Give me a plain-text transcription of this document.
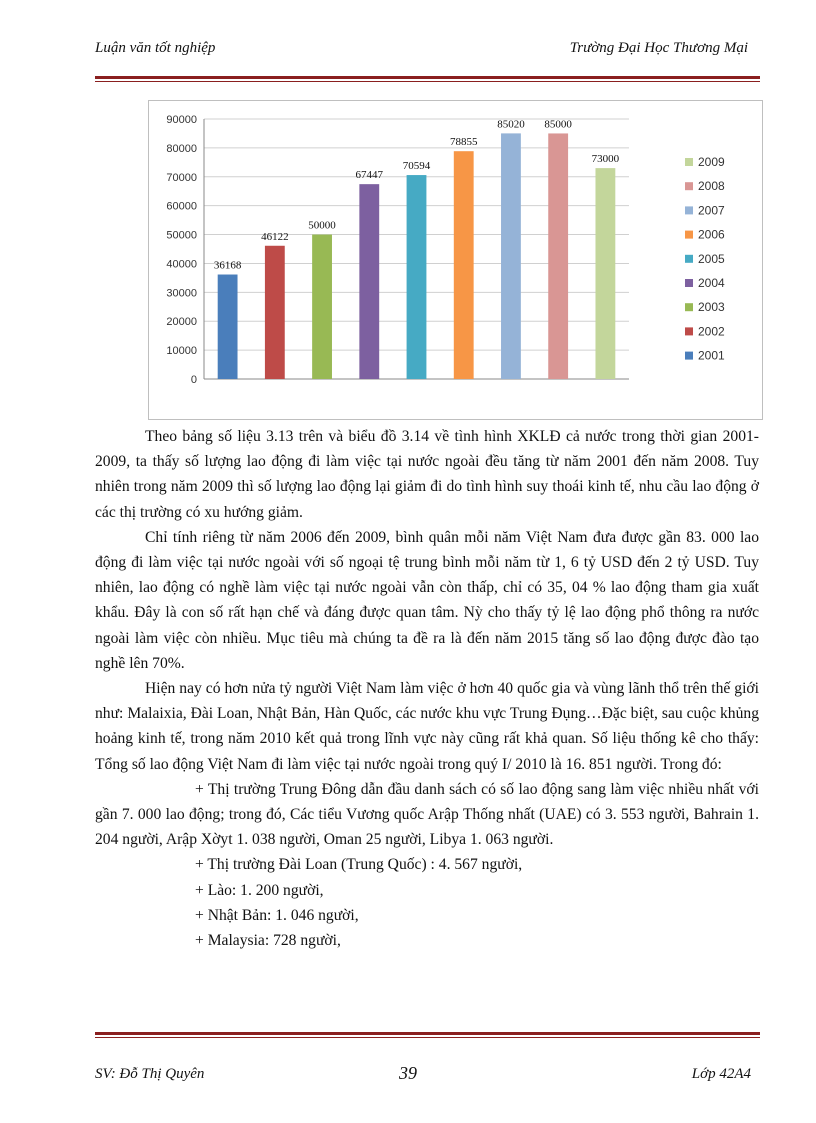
Luận văn tốt nghiệp	Trường Đại Học Thương Mại
0
10000
20000
30000
40000
50000
60000
70000
80000
90000
36168
46122
50000
67447
70594
78855
85020 85000
73000	2009
2008
2007
2006
2005
2004
2003
2002
2001

Theo bảng số liệu 3.13 trên và biểu đồ 3.14 về tình hình XKLĐ cả nước trong thời gian 2001-2009, ta thấy số lượng lao động đi làm việc tại nước ngoài đều tăng từ năm 2001 đến năm 2008. Tuy nhiên trong năm 2009 thì số lượng lao động lại giảm đi do tình hình suy thoái kinh tế, nhu cầu lao động ở các thị trường có xu hướng giảm.

Chỉ tính riêng từ năm 2006 đến 2009, bình quân mỗi năm Việt Nam đưa được gần 83. 000 lao động đi làm việc tại nước ngoài với số ngoại tệ trung bình mỗi năm từ 1, 6 tỷ USD đến 2 tỷ USD. Tuy nhiên, lao động có nghề làm việc tại nước ngoài vẫn còn thấp, chỉ có 35, 04 % lao động tham gia xuất khẩu. Đây là con số rất hạn chế và đáng được quan tâm. Nỳ cho thấy tỷ lệ lao động phổ thông ra nước ngoài làm việc còn nhiều. Mục tiêu mà chúng ta đề ra là đến năm 2015 tăng số lao động được đào tạo nghề lên 70%.

Hiện nay có hơn nửa tỷ người Việt Nam làm việc ở hơn 40 quốc gia và vùng lãnh thổ trên thế giới như: Malaixia, Đài Loan, Nhật Bản, Hàn Quốc, các nước khu vực Trung Đụng…Đặc biệt, sau cuộc khủng hoảng kinh tế, trong năm 2010 kết quả trong lĩnh vực này cũng rất khả quan. Số liệu thống kê cho thấy: Tổng số lao động Việt Nam đi làm việc tại nước ngoài trong quý I/ 2010 là 16. 851 người. Trong đó:

+ Thị trường Trung Đông dẫn đầu danh sách có số lao động sang làm việc nhiều nhất với gần 7. 000 lao động; trong đó, Các tiểu Vương quốc Arập Thống nhất (UAE) có 3. 553 người, Bahrain 1. 204 người, Arập Xờyt 1. 038 người, Oman 25 người, Libya 1. 063 người.

+ Thị trường Đài Loan (Trung Quốc) : 4. 567 người,

+ Lào: 1. 200 người,

+ Nhật Bản: 1. 046 người,

+ Malaysia: 728 người,

SV: Đỗ Thị Quyên	39	Lớp 42A4
